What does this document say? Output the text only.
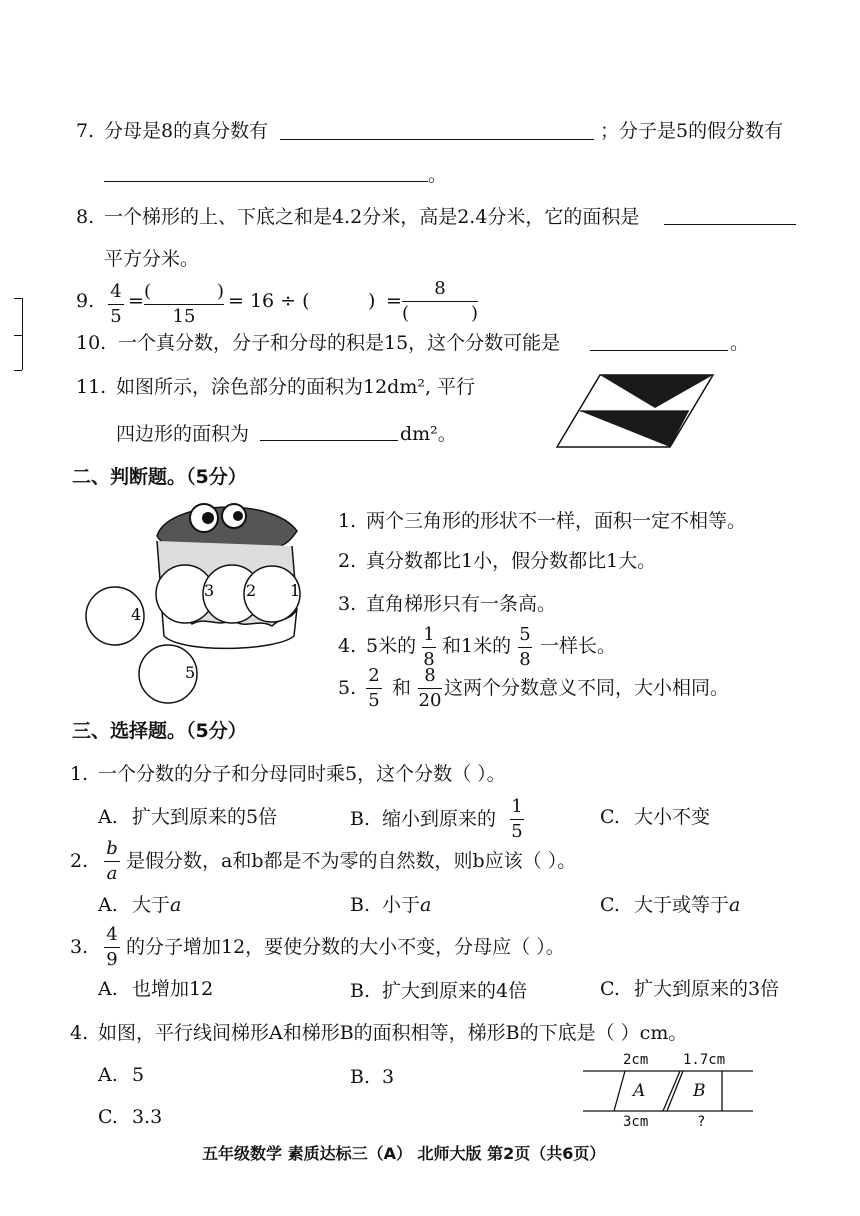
7. 分母是8的真分数有	；分子是5的假分数有
。
8. 一个梯形的上、下底之和是4.2分米，高是2.4分米，它的面积是
平方分米。
9. 4
5
= (	)

15
= 16 ÷ (	) =
8
(	)

10. 一个真分数，分子和分母的积是15，这个分数可能是	。
11. 如图所示，涂色部分的面积为12dm², 平行
四边形的面积为	dm²。
二、判断题。（5分）
1
2
3
4
5
1. 两个三角形的形状不一样，面积一定不相等。
2. 真分数都比1小，假分数都比1大。
3. 直角梯形只有一条高。
4. 5米的
1
8
和1米的
5
8
一样长。
5.
2
5
和
8
20
这两个分数意义不同，大小相同。
三、选择题。（5分）
1. 一个分数的分子和分母同时乘5，这个分数（ ）。
A. 扩大到原来的5倍	B. 缩小到原来的
1
5
C. 大小不变
2.
b
a
是假分数，a和b都是不为零的自然数，则b应该（ ）。
A. 大于a	B. 小于a	C. 大于或等于a
3.
4
9
的分子增加12，要使分数的大小不变，分母应（ ）。
A. 也增加12	B. 扩大到原来的4倍	C. 扩大到原来的3倍
4. 如图，平行线间梯形A和梯形B的面积相等，梯形B的下底是（ ）cm。
A. 5	B. 3
C. 3.3
2cm 1.7cm
A	B
3cm	?
五年级数学 素质达标三（A） 北师大版 第2页（共6页）
